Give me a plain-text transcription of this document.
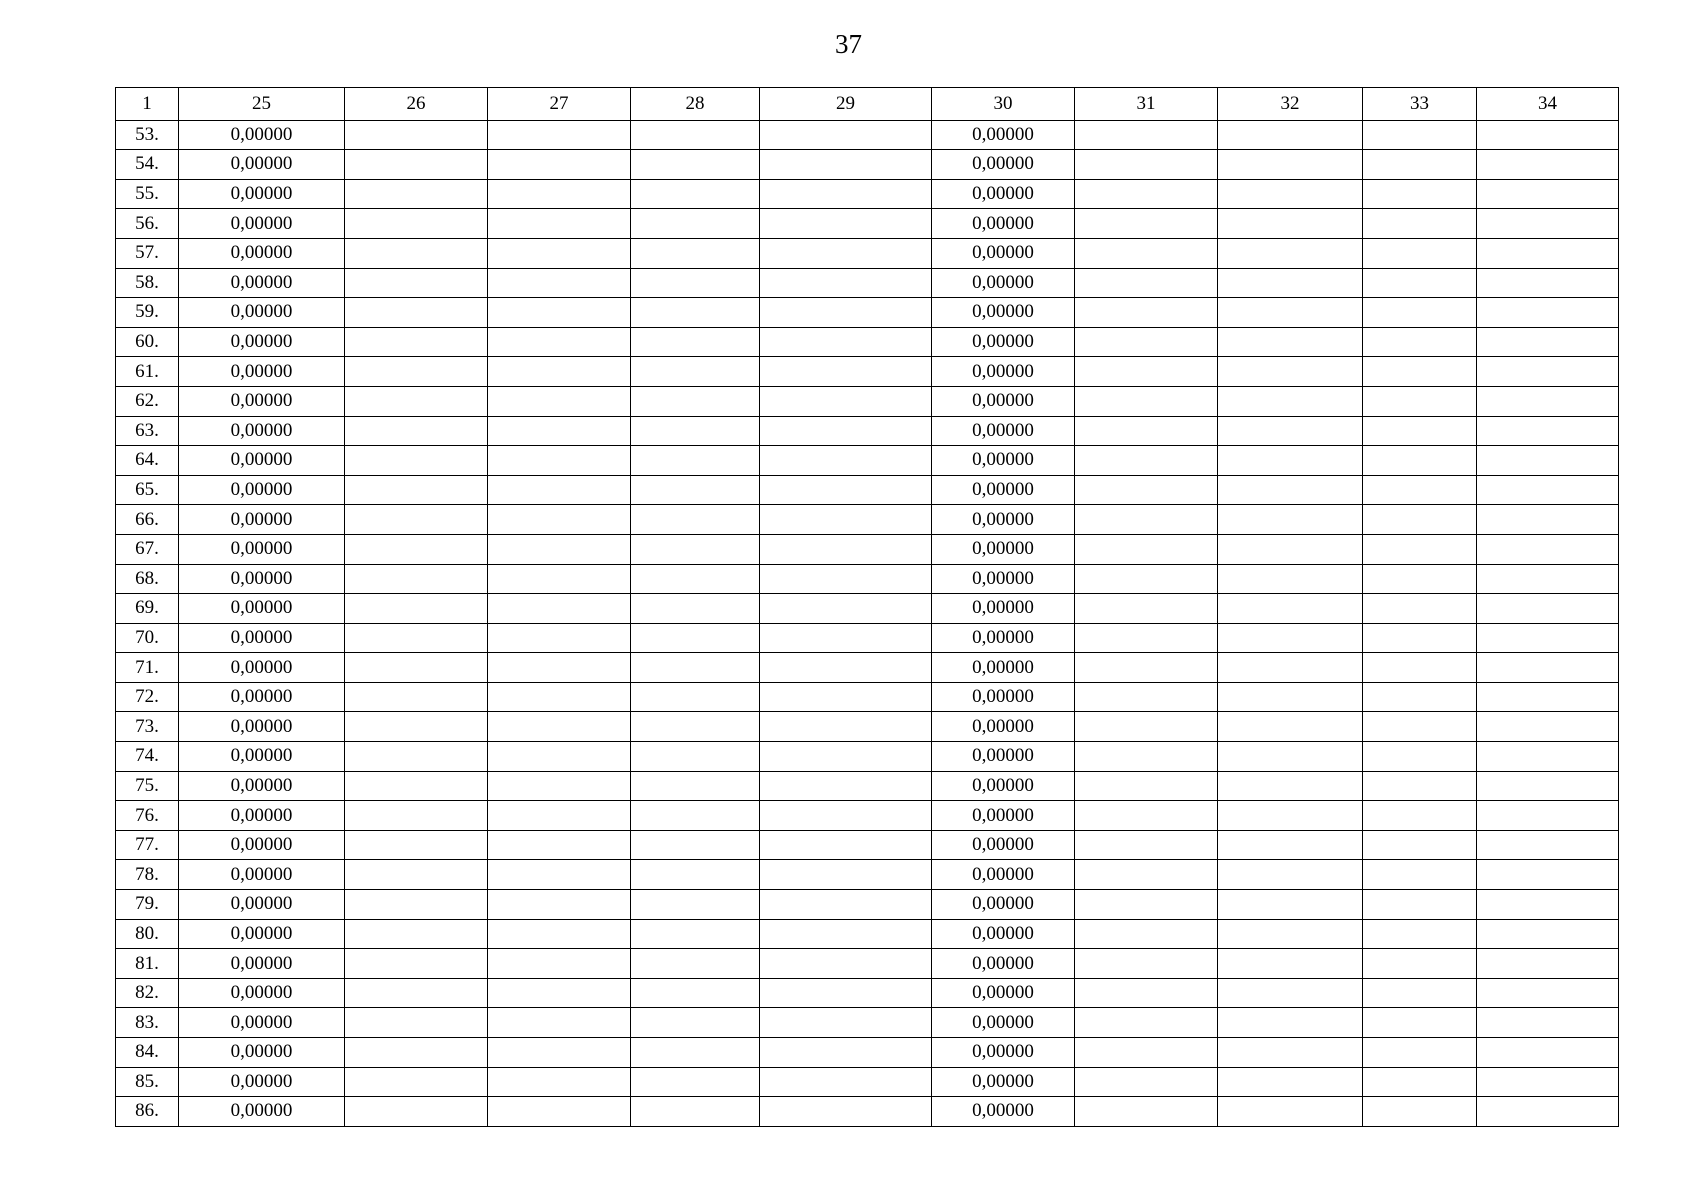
37
1	25	26	27	28	29	30	31	32	33	34
53.	0,00000					0,00000				
54.	0,00000					0,00000				
55.	0,00000					0,00000				
56.	0,00000					0,00000				
57.	0,00000					0,00000				
58.	0,00000					0,00000				
59.	0,00000					0,00000				
60.	0,00000					0,00000				
61.	0,00000					0,00000				
62.	0,00000					0,00000				
63.	0,00000					0,00000				
64.	0,00000					0,00000				
65.	0,00000					0,00000				
66.	0,00000					0,00000				
67.	0,00000					0,00000				
68.	0,00000					0,00000				
69.	0,00000					0,00000				
70.	0,00000					0,00000				
71.	0,00000					0,00000				
72.	0,00000					0,00000				
73.	0,00000					0,00000				
74.	0,00000					0,00000				
75.	0,00000					0,00000				
76.	0,00000					0,00000				
77.	0,00000					0,00000				
78.	0,00000					0,00000				
79.	0,00000					0,00000				
80.	0,00000					0,00000				
81.	0,00000					0,00000				
82.	0,00000					0,00000				
83.	0,00000					0,00000				
84.	0,00000					0,00000				
85.	0,00000					0,00000				
86.	0,00000					0,00000				
